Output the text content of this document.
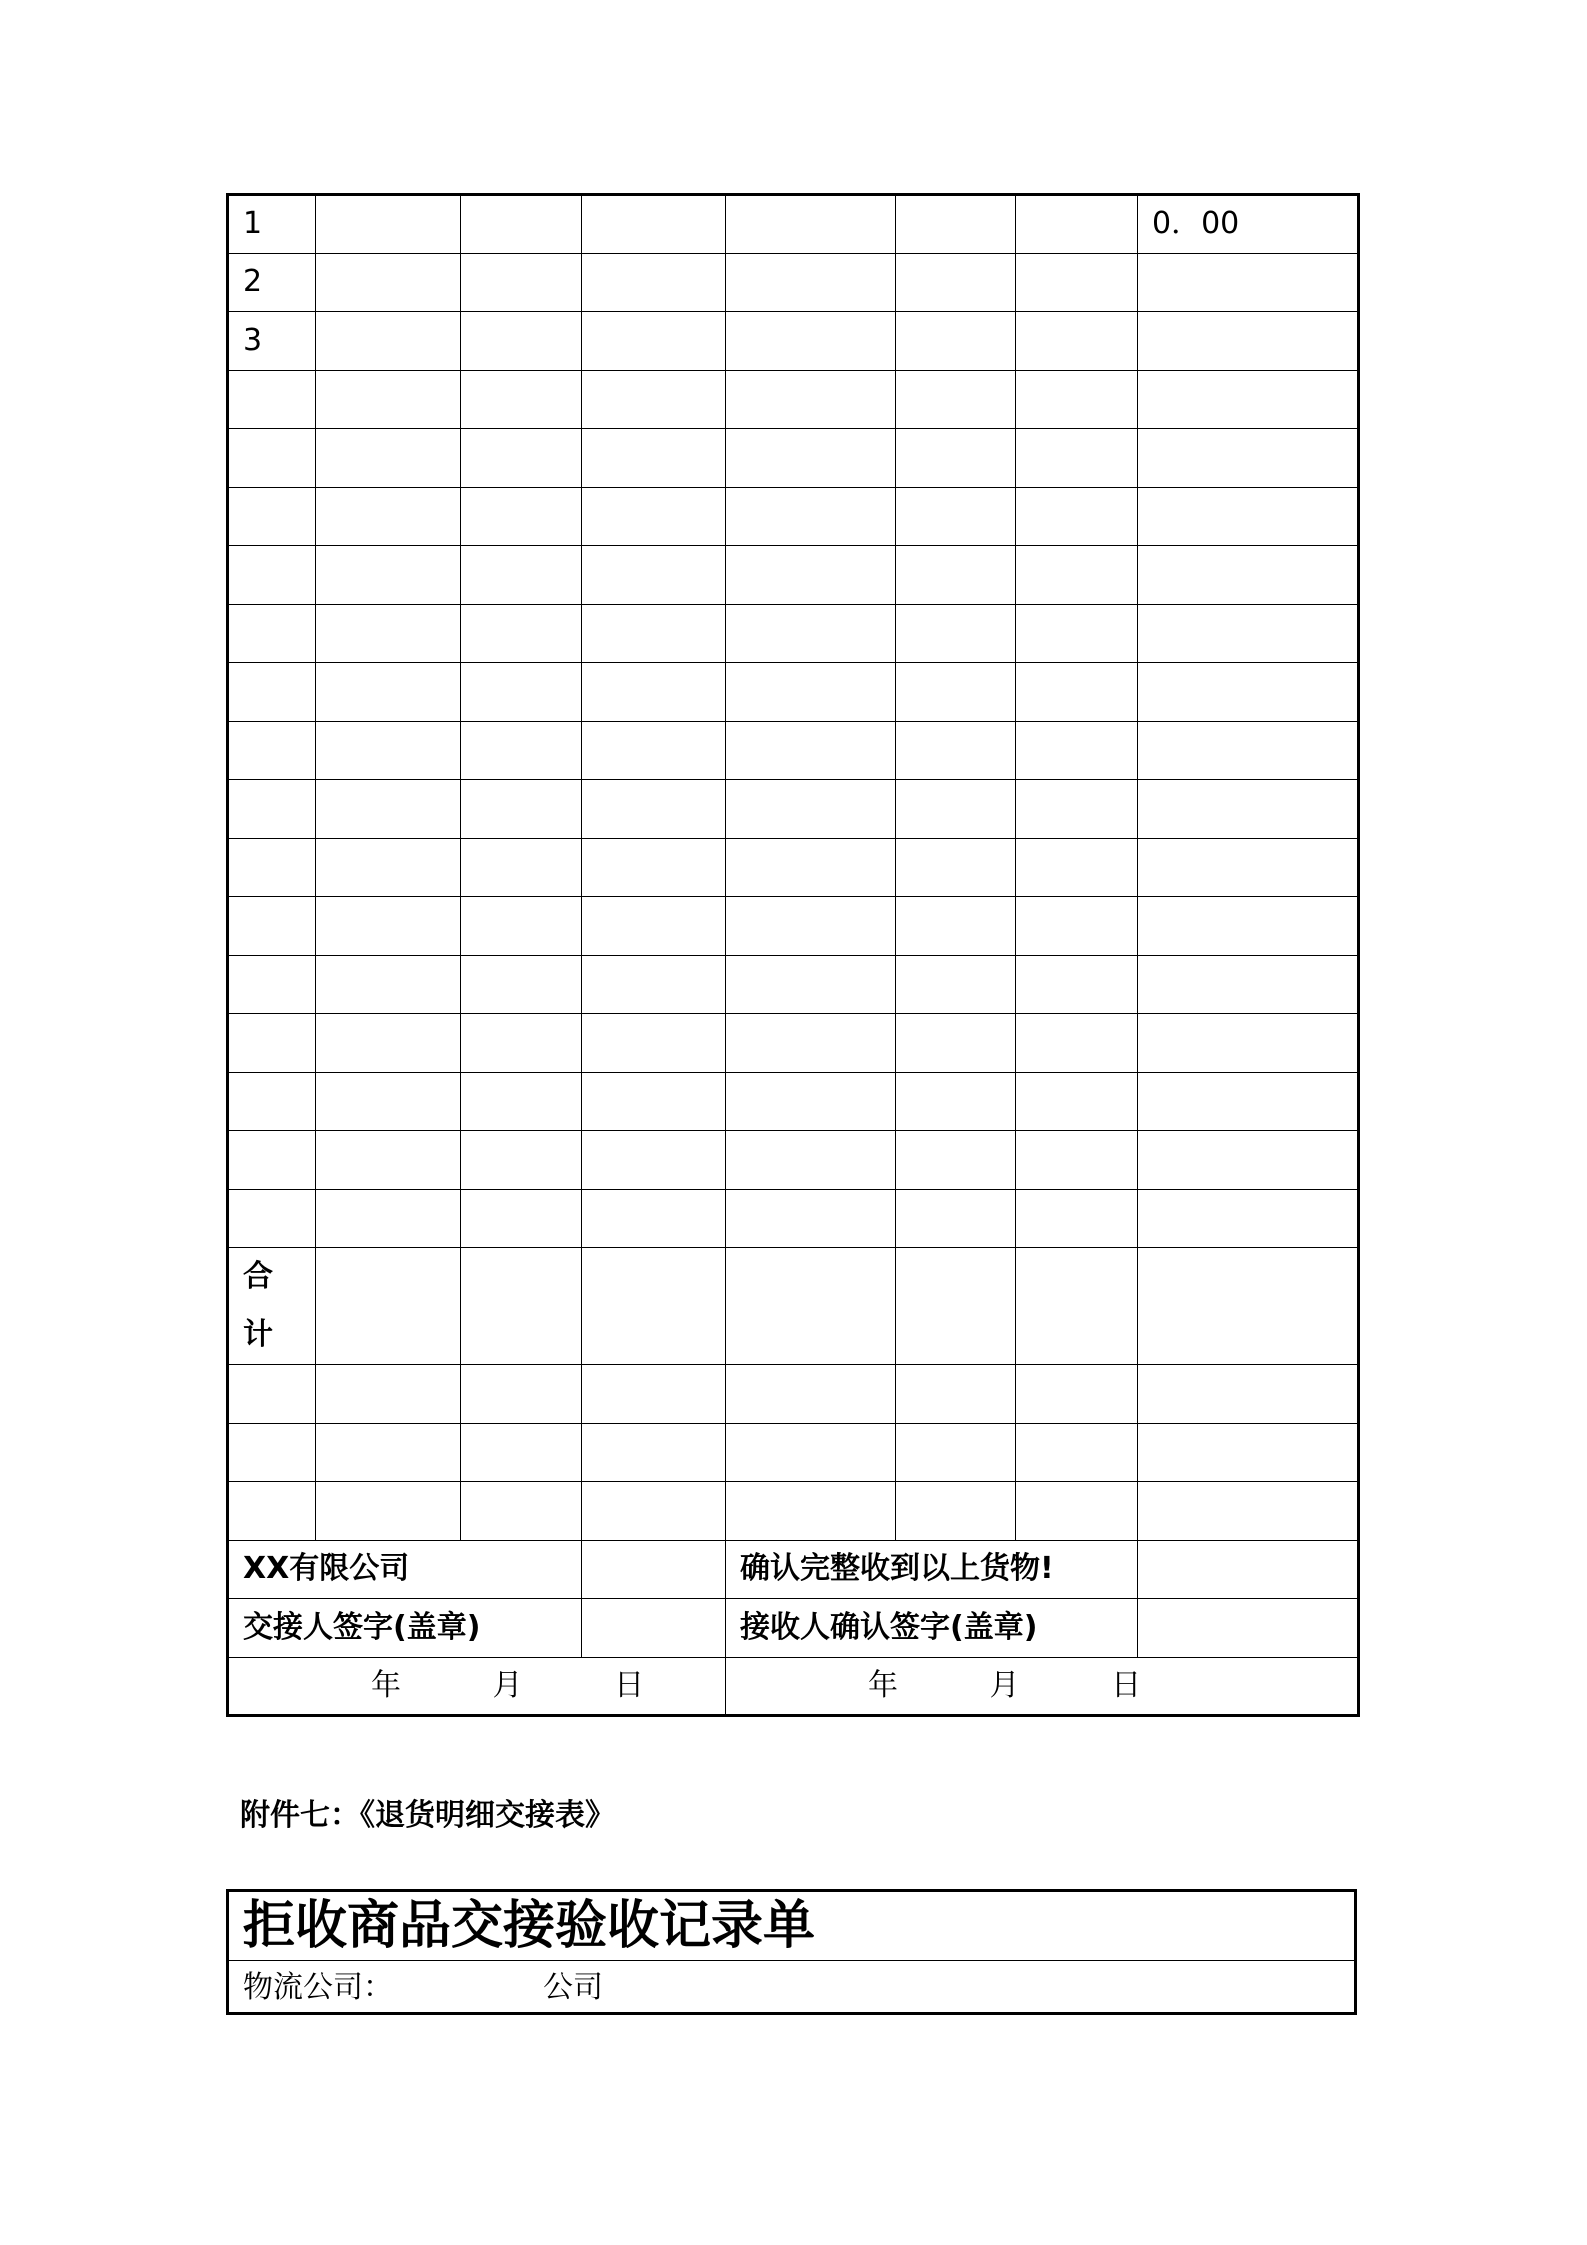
1							0．00
2							
3							

合
计							

XX有限公司				确认完整收到以上货物!			
交接人签字(盖章)				接收人确认签字(盖章)			
年 月 日				年 月 日			
附件七：《退货明细交接表》
拒收商品交接验收记录单
物流公司：	公司
